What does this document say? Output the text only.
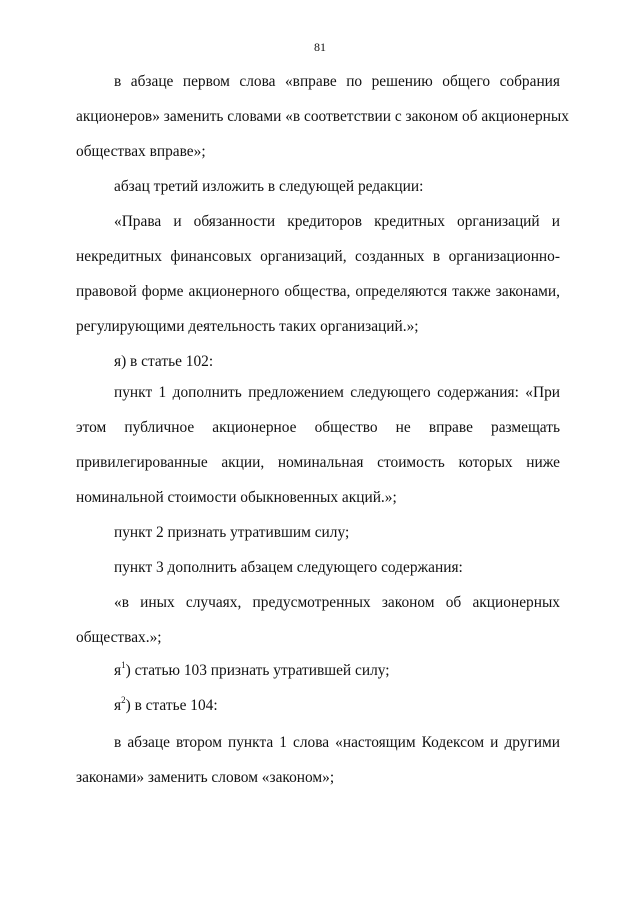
81
в абзаце первом слова «вправе по решению общего собрания
акционеров» заменить словами «в соответствии с законом об акционерных
обществах вправе»;
абзац третий изложить в следующей редакции:
«Права и обязанности кредиторов кредитных организаций и
некредитных финансовых организаций, созданных в организационно-
правовой форме акционерного общества, определяются также законами,
регулирующими деятельность таких организаций.»;
я) в статье 102:
пункт 1 дополнить предложением следующего содержания: «При
этом публичное акционерное общество не вправе размещать
привилегированные акции, номинальная стоимость которых ниже
номинальной стоимости обыкновенных акций.»;
пункт 2 признать утратившим силу;
пункт 3 дополнить абзацем следующего содержания:
«в иных случаях, предусмотренных законом об акционерных
обществах.»;
$я^1$) статью 103 признать утратившей силу;
$я^2$) в статье 104:
в абзаце втором пункта 1 слова «настоящим Кодексом и другими
законами» заменить словом «законом»;
